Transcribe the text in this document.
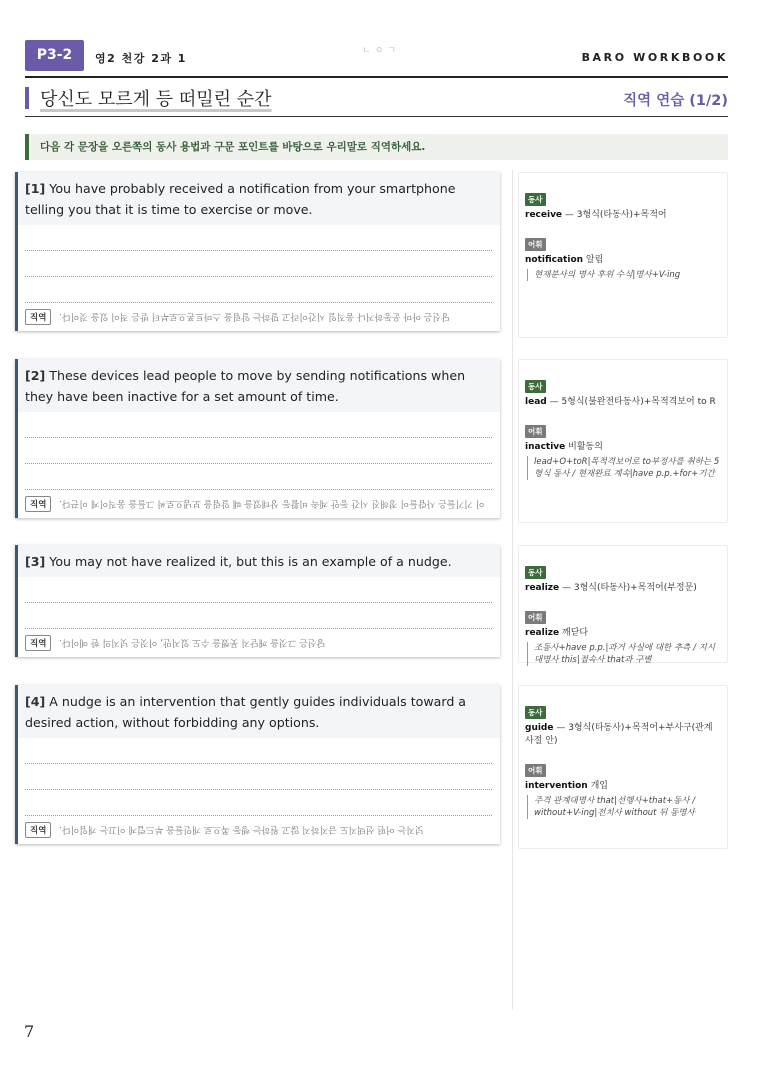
P3-2	영2 천강 2과 1	BARO WORKBOOK
ㄴㅇㄱ
당신도 모르게 등 떠밀린 순간	직역 연습 (1/2)
다음 각 문장을 오른쪽의 동사 용법과 구문 포인트를 바탕으로 우리말로 직역하세요.
[1] You have probably received a notification from your smartphone telling you that it is time to exercise or move.
직역	당신은 아마 운동하거나 움직일 시간이라고 말하는 알림을 스마트폰으로부터 받은 적이 있을 것이다.
동사
receive — 3형식(타동사)+목적어
어휘
notification 알림
현재분사의 명사 후위 수식|명사+V-ing
[2] These devices lead people to move by sending notifications when they have been inactive for a set amount of time.
직역	이 기기들은 사람들이 정해진 시간 동안 계속 비활동 상태였을 때 알림을 보냄으로써 그들을 움직이게 이끈다.
동사
lead — 5형식(불완전타동사)+목적격보어 to R
어휘
inactive 비활동의
lead+O+toR|목적격보어로 to부정사를 취하는 5형식 동사 / 현재완료 계속|have p.p.+for+기간
[3] You may not have realized it, but this is an example of a nudge.
직역	당신은 그것을 깨닫지 못했을 수도 있지만, 이것은 넛지의 한 예이다.
동사
realize — 3형식(타동사)+목적어(부정문)
어휘
realize 깨닫다
조동사+have p.p.|과거 사실에 대한 추측 / 지시대명사 this|접속사 that과 구별
[4] A nudge is an intervention that gently guides individuals toward a desired action, without forbidding any options.
직역	넛지는 어떤 선택지도 금지하지 않고 원하는 행동 쪽으로 개인들을 부드럽게 이끄는 개입이다.
동사
guide — 3형식(타동사)+목적어+부사구(관계사절 안)
어휘
intervention 개입
주격 관계대명사 that|선행사+that+동사 / without+V-ing|전치사 without 뒤 동명사
7
